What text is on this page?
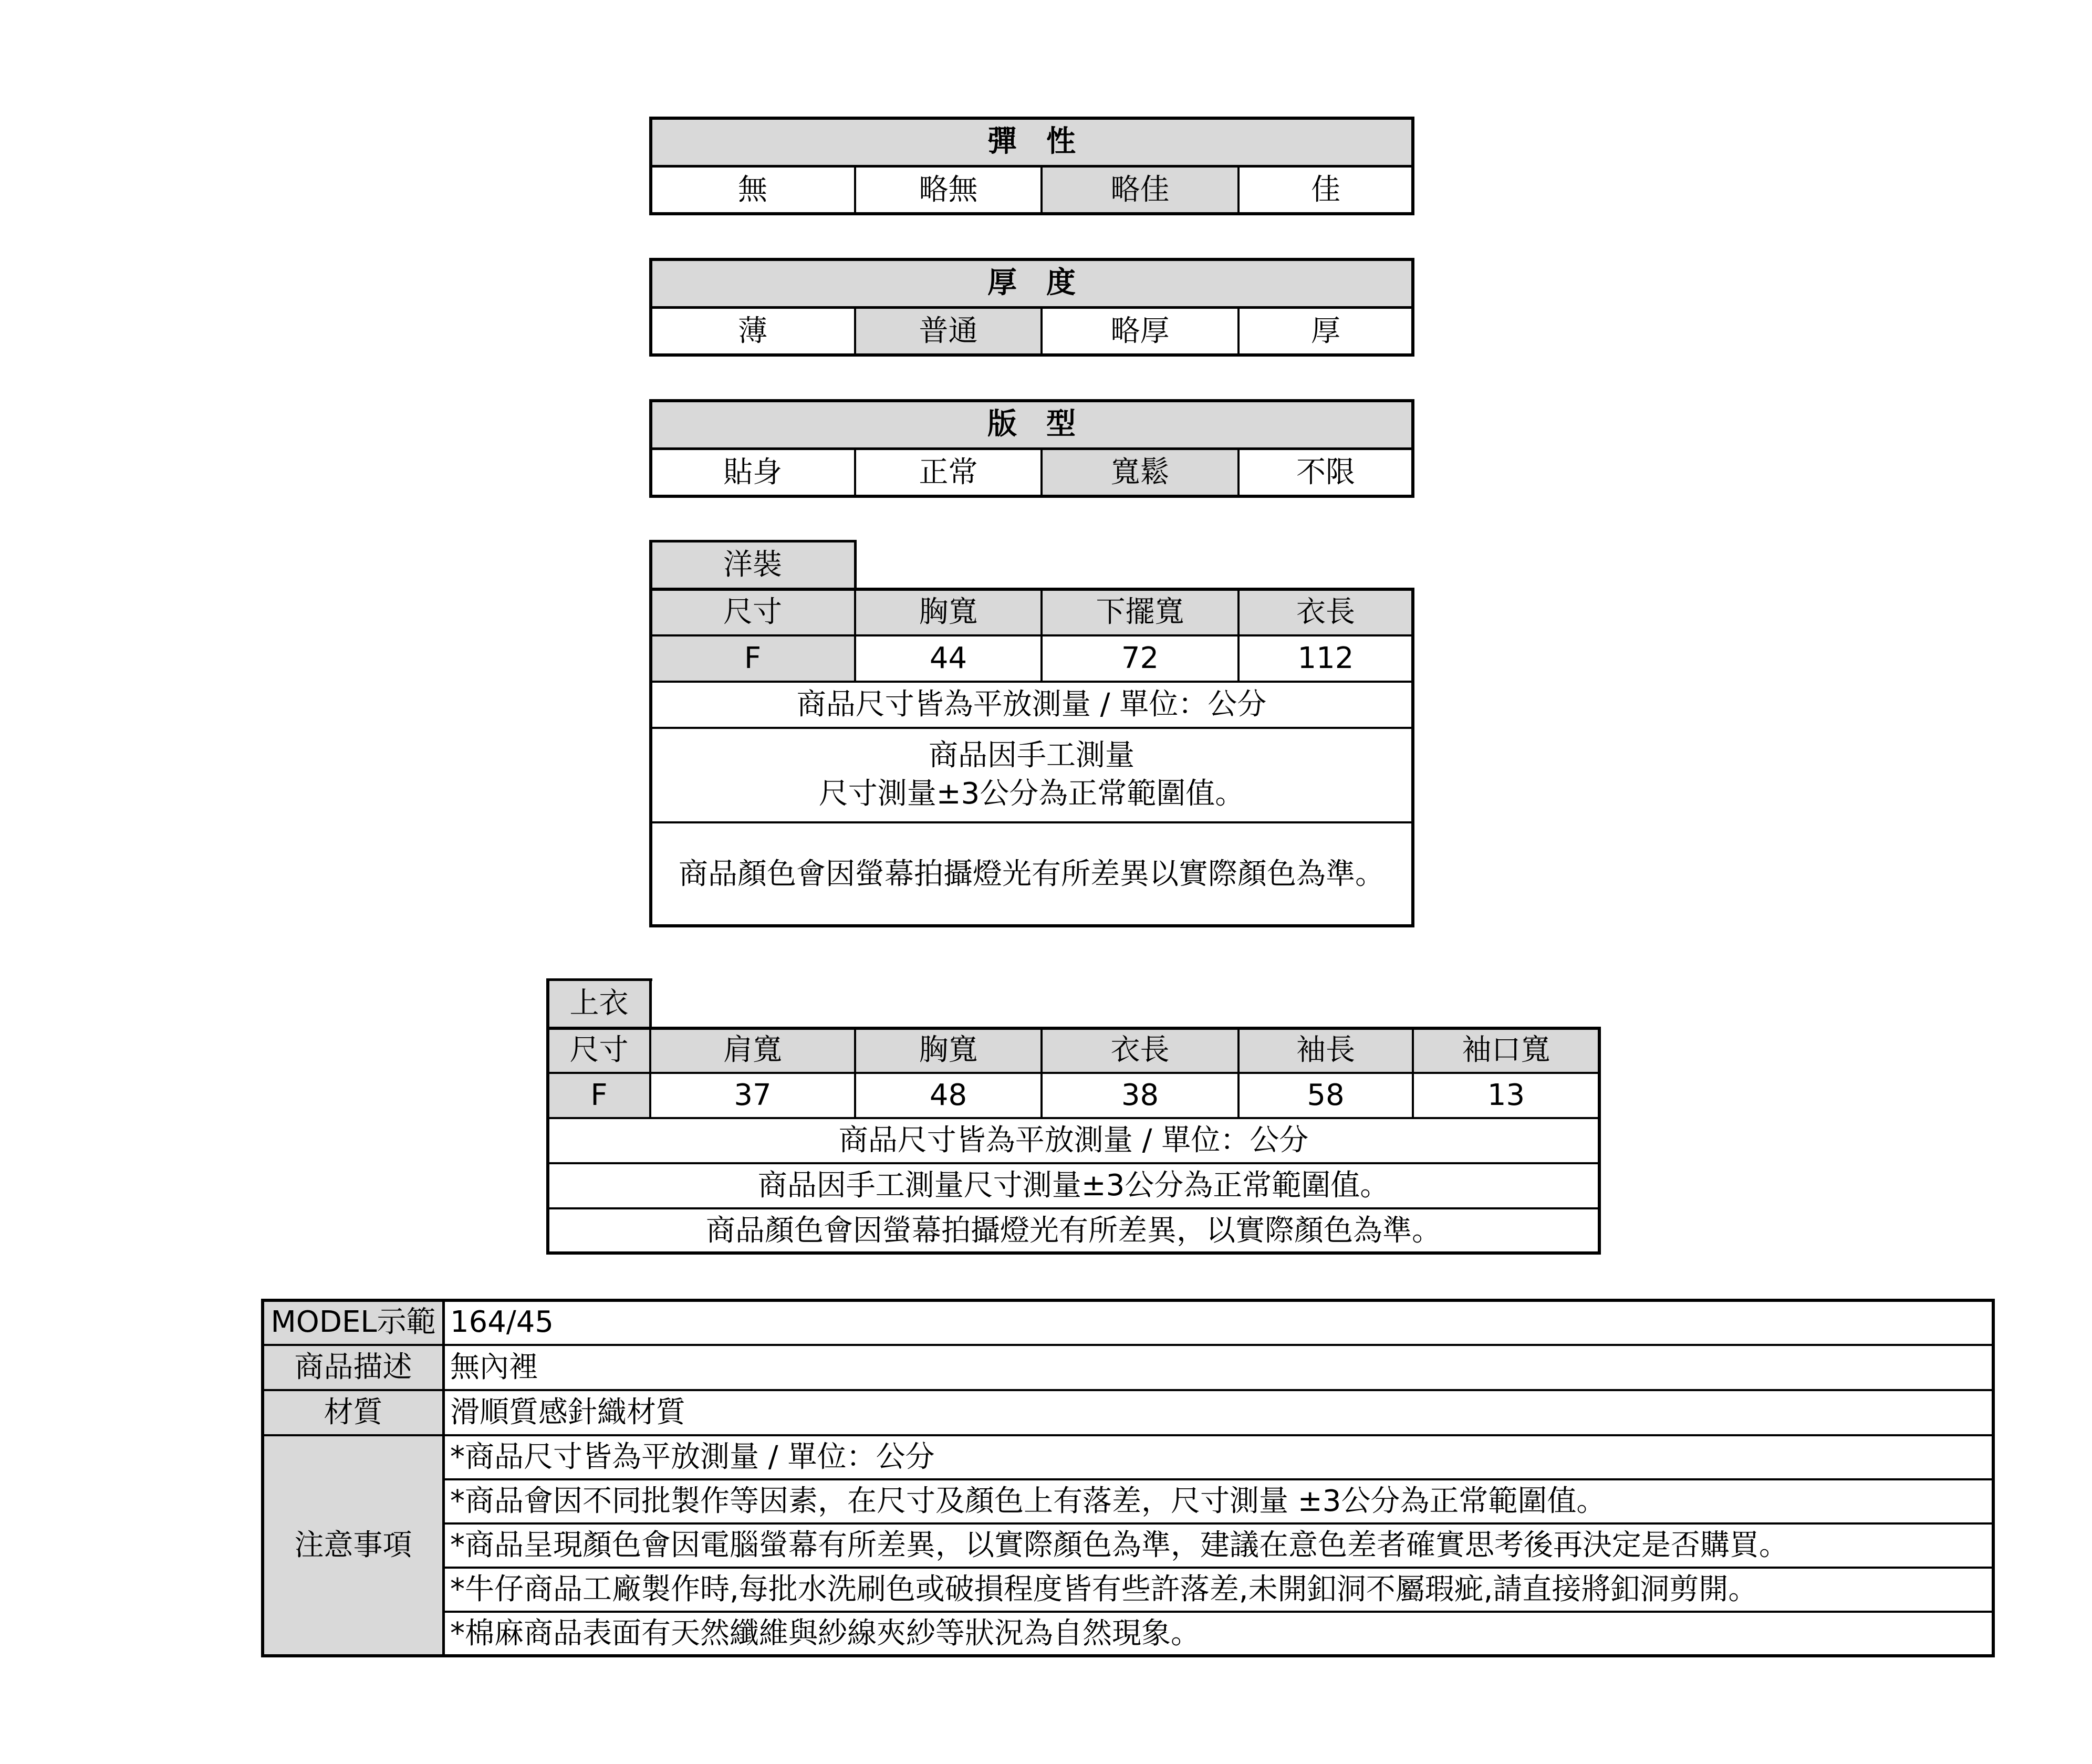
彈　性
無	略無	略佳	佳
厚　度
薄	普通	略厚	厚
版　型
貼身	正常	寬鬆	不限
洋裝
尺寸	胸寬	下擺寬	衣長
F	44	72	112
商品尺寸皆為平放測量 / 單位：公分
商品因手工測量
尺寸測量±3公分為正常範圍值。
商品顏色會因螢幕拍攝燈光有所差異以實際顏色為準。
上衣
尺寸	肩寬	胸寬	衣長	袖長	袖口寬
F	37	48	38	58	13
商品尺寸皆為平放測量 / 單位：公分
商品因手工測量尺寸測量±3公分為正常範圍值。
商品顏色會因螢幕拍攝燈光有所差異，以實際顏色為準。
MODEL示範 164/45
商品描述	無內裡
材質	滑順質感針織材質
注意事項
*商品尺寸皆為平放測量 / 單位：公分
*商品會因不同批製作等因素，在尺寸及顏色上有落差，尺寸測量 ±3公分為正常範圍值。
*商品呈現顏色會因電腦螢幕有所差異，以實際顏色為準，建議在意色差者確實思考後再決定是否購買。
*牛仔商品工廠製作時,每批水洗刷色或破損程度皆有些許落差,未開釦洞不屬瑕疵,請直接將釦洞剪開。
*棉麻商品表面有天然纖維與紗線夾紗等狀況為自然現象。
